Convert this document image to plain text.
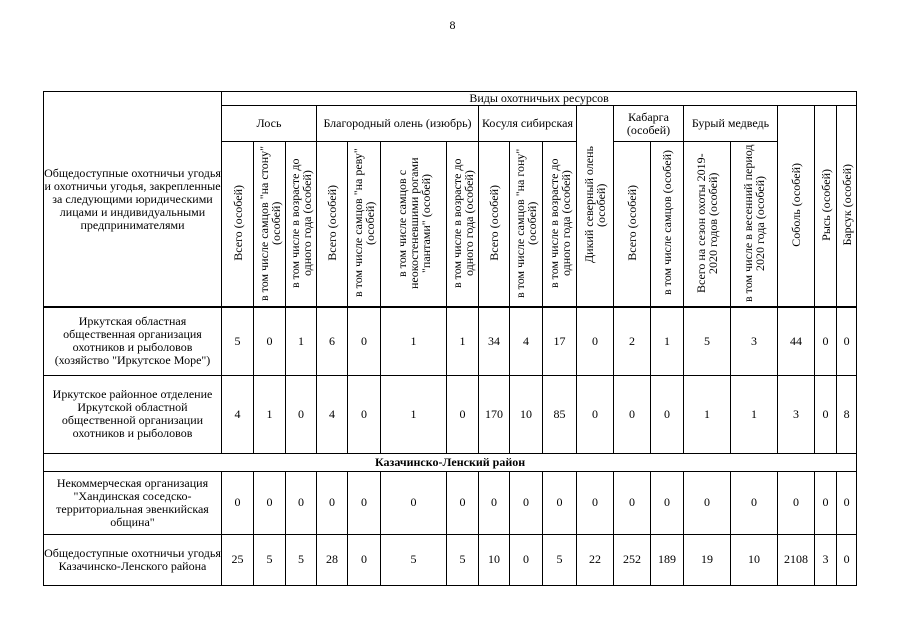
8
Общедоступные охотничьи угодья и охотничьи угодья, закрепленные за следующими юридическими лицами и индивидуальными предпринимателями	Виды охотничьих ресурсов																	
	Лось			Благородный олень (изюбрь)				Косуля сибирская			Дикий северный олень (особей)	Кабарга (особей)		Бурый медведь		Соболь (особей)	Рысь (особей)	Барсук (особей)
	Всего (особей)	в том числе самцов "на стону" (особей)	в том числе в возрасте до одного года (особей)	Всего (особей)	в том числе самцов "на реву" (особей)	в том числе самцов с неокостеневшими рогами "пантами" (особей)	в том числе в возрасте до одного года (особей)	Всего (особей)	в том числе самцов "на гону" (особей)	в том числе в возрасте до одного года (особей)		Всего (особей)	в том числе самцов (особей)	Всего на сезон охоты 2019-2020 годов (особей)	в том числе в весенний период 2020 года (особей)			
Иркутская областная общественная организация охотников и рыболовов (хозяйство "Иркутское Море")	5	0	1	6	0	1	1	34	4	17	0	2	1	5	3	44	0	0
Иркутское районное отделение Иркутской областной общественной организации охотников и рыболовов	4	1	0	4	0	1	0	170	10	85	0	0	0	1	1	3	0	8
Казачинско-Ленский район																		
Некоммерческая организация "Хандинская соседско-территориальная эвенкийская община"	0	0	0	0	0	0	0	0	0	0	0	0	0	0	0	0	0	0
Общедоступные охотничьи угодья Казачинско-Ленского района	25	5	5	28	0	5	5	10	0	5	22	252	189	19	10	2108	3	0
